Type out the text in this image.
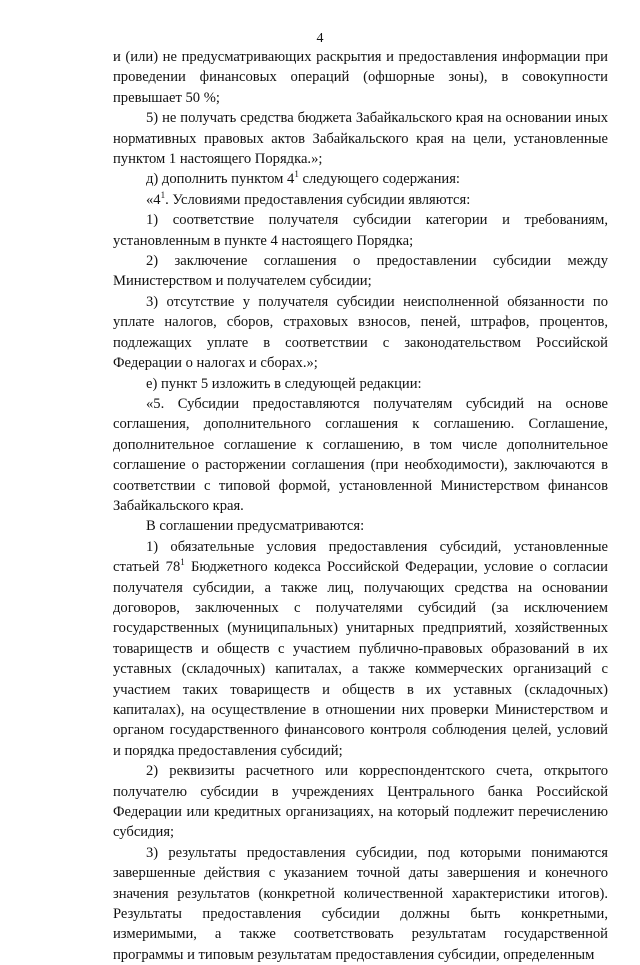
4

и (или) не предусматривающих раскрытия и предоставления информации при проведении финансовых операций (офшорные зоны), в совокупности превышает 50 %;

5) не получать средства бюджета Забайкальского края на основании иных нормативных правовых актов Забайкальского края на цели, установленные пунктом 1 настоящего Порядка.»;

д) дополнить пунктом $4^1$ следующего содержания:

«$4^1$. Условиями предоставления субсидии являются:

1) соответствие получателя субсидии категории и требованиям, установленным в пункте 4 настоящего Порядка;

2) заключение соглашения о предоставлении субсидии между Министерством и получателем субсидии;

3) отсутствие у получателя субсидии неисполненной обязанности по уплате налогов, сборов, страховых взносов, пеней, штрафов, процентов, подлежащих уплате в соответствии с законодательством Российской Федерации о налогах и сборах.»;

е) пункт 5 изложить в следующей редакции:

«5. Субсидии предоставляются получателям субсидий на основе соглашения, дополнительного соглашения к соглашению. Соглашение, дополнительное соглашение к соглашению, в том числе дополнительное соглашение о расторжении соглашения (при необходимости), заключаются в соответствии с типовой формой, установленной Министерством финансов Забайкальского края.

В соглашении предусматриваются:

1) обязательные условия предоставления субсидий, установленные статьей $78^1$ Бюджетного кодекса Российской Федерации, условие о согласии получателя субсидии, а также лиц, получающих средства на основании договоров, заключенных с получателями субсидий (за исключением государственных (муниципальных) унитарных предприятий, хозяйственных товариществ и обществ с участием публично-правовых образований в их уставных (складочных) капиталах, а также коммерческих организаций с участием таких товариществ и обществ в их уставных (складочных) капиталах), на осуществление в отношении них проверки Министерством и органом государственного финансового контроля соблюдения целей, условий и порядка предоставления субсидий;

2) реквизиты расчетного или корреспондентского счета, открытого получателю субсидии в учреждениях Центрального банка Российской Федерации или кредитных организациях, на который подлежит перечислению субсидия;

3) результаты предоставления субсидии, под которыми понимаются завершенные действия с указанием точной даты завершения и конечного значения результатов (конкретной количественной характеристики итогов). Результаты предоставления субсидии должны быть конкретными, измеримыми, а также соответствовать результатам государственной программы и типовым результатам предоставления субсидии, определенным
